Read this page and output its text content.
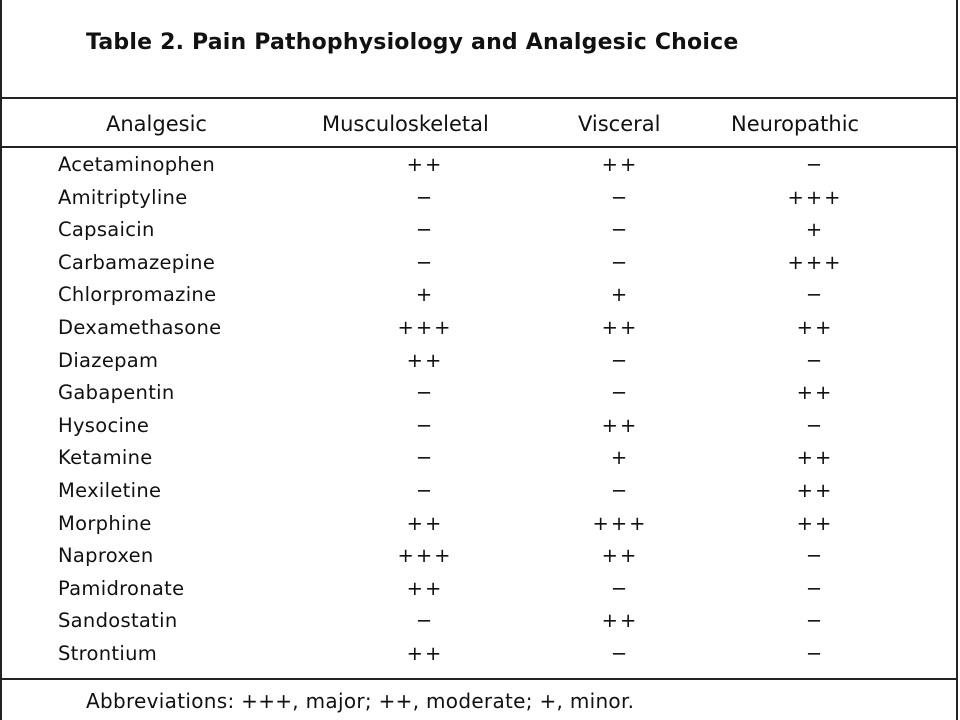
Table 2. Pain Pathophysiology and Analgesic Choice
Analgesic	Musculoskeletal	Visceral	Neuropathic
Acetaminophen	++	++	−
Amitriptyline	−	−	+++
Capsaicin	−	−	+
Carbamazepine	−	−	+++
Chlorpromazine	+	+	−
Dexamethasone	+++	++	++
Diazepam	++	−	−
Gabapentin	−	−	++
Hysocine	−	++	−
Ketamine	−	+	++
Mexiletine	−	−	++
Morphine	++	+++	++
Naproxen	+++	++	−
Pamidronate	++	−	−
Sandostatin	−	++	−
Strontium	++	−	−
Abbreviations: +++, major; ++, moderate; +, minor.
